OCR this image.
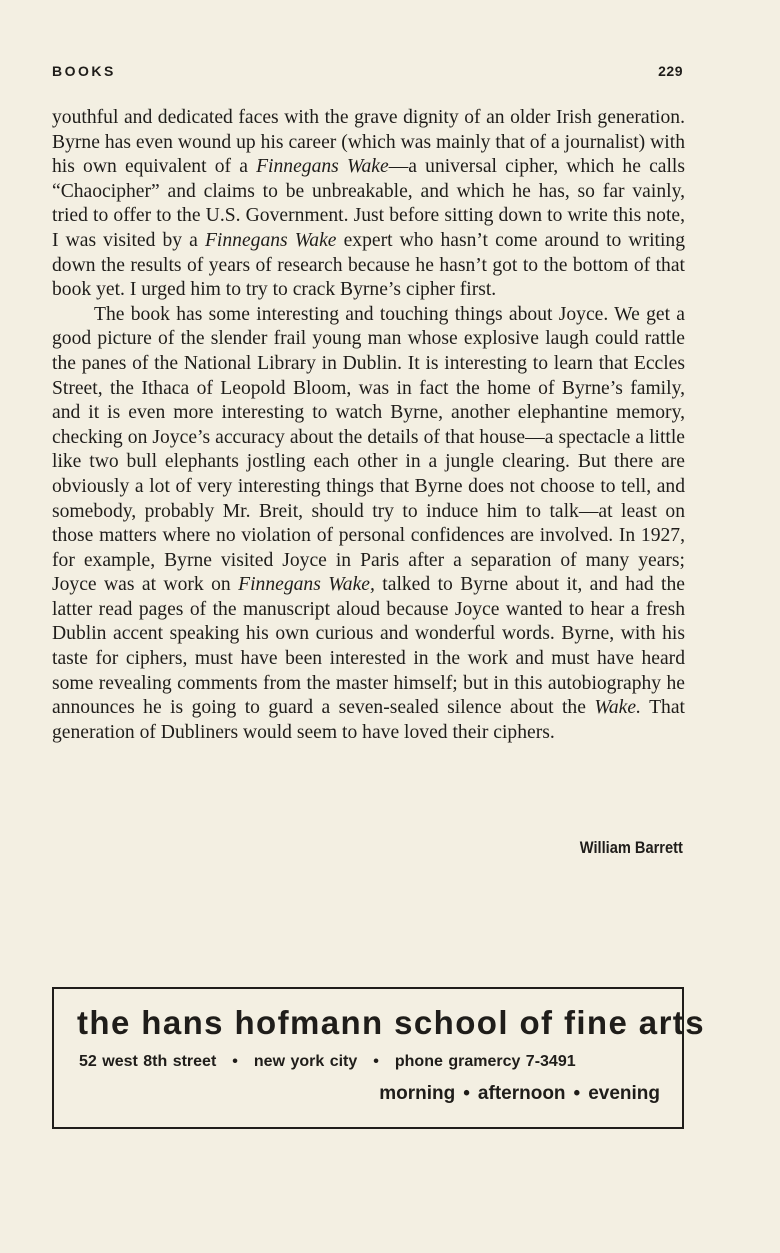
BOOKS	229

youthful and dedicated faces with the grave dignity of an older Irish generation. Byrne has even wound up his career (which was mainly that of a journalist) with his own equivalent of a Finnegans Wake—a universal cipher, which he calls “Chaocipher” and claims to be unbreakable, and which he has, so far vainly, tried to offer to the U.S. Government. Just before sitting down to write this note, I was visited by a Finnegans Wake expert who hasn’t come around to writing down the results of years of research because he hasn’t got to the bottom of that book yet. I urged him to try to crack Byrne’s cipher first.

The book has some interesting and touching things about Joyce. We get a good picture of the slender frail young man whose explosive laugh could rattle the panes of the National Library in Dublin. It is interesting to learn that Eccles Street, the Ithaca of Leopold Bloom, was in fact the home of Byrne’s family, and it is even more interesting to watch Byrne, another elephantine memory, checking on Joyce’s accuracy about the details of that house—a spectacle a little like two bull elephants jostling each other in a jungle clearing. But there are obviously a lot of very interesting things that Byrne does not choose to tell, and somebody, probably Mr. Breit, should try to induce him to talk—at least on those matters where no violation of personal confidences are involved. In 1927, for example, Byrne visited Joyce in Paris after a separation of many years; Joyce was at work on Finnegans Wake, talked to Byrne about it, and had the latter read pages of the manuscript aloud because Joyce wanted to hear a fresh Dublin accent speaking his own curious and wonderful words. Byrne, with his taste for ciphers, must have been interested in the work and must have heard some revealing comments from the master himself; but in this autobiography he announces he is going to guard a seven-sealed silence about the Wake. That generation of Dubliners would seem to have loved their ciphers.

William Barrett
the hans hofmann school of fine arts
52 west 8th street • new york city • phone gramercy 7-3491
morning • afternoon • evening
